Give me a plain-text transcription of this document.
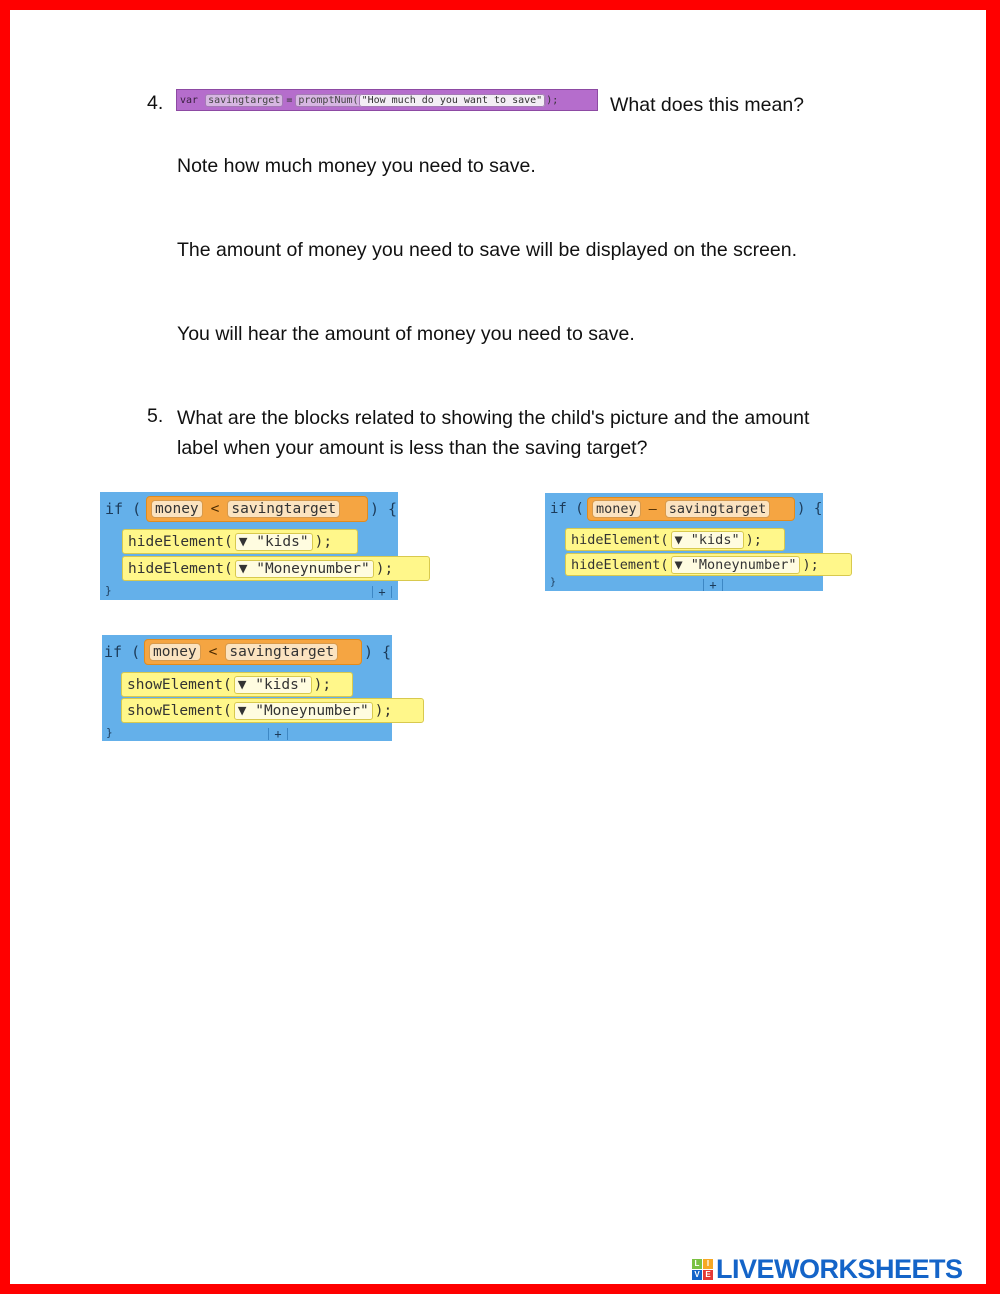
4. var	savingtarget = promptNum( "How much do you want to save" );	What does this mean?
Note how much money you need to save.
The amount of money you need to save will be displayed on the screen.
You will hear the amount of money you need to save.
5. What are the blocks related to showing the child's picture and the amount
label when your amount is less than the saving target?
if ( money < savingtarget ) {
hideElement( ▼ "kids" );
hideElement( ▼ "Moneynumber" );
}	+
if ( money – savingtarget ) {
hideElement( ▼ "kids" );
hideElement( ▼ "Moneynumber" );
}	+
if ( money < savingtarget ) {
showElement( ▼ "kids" );
showElement( ▼ "Moneynumber" );
}	+
L I
V E LIVEWORKSHEETS
